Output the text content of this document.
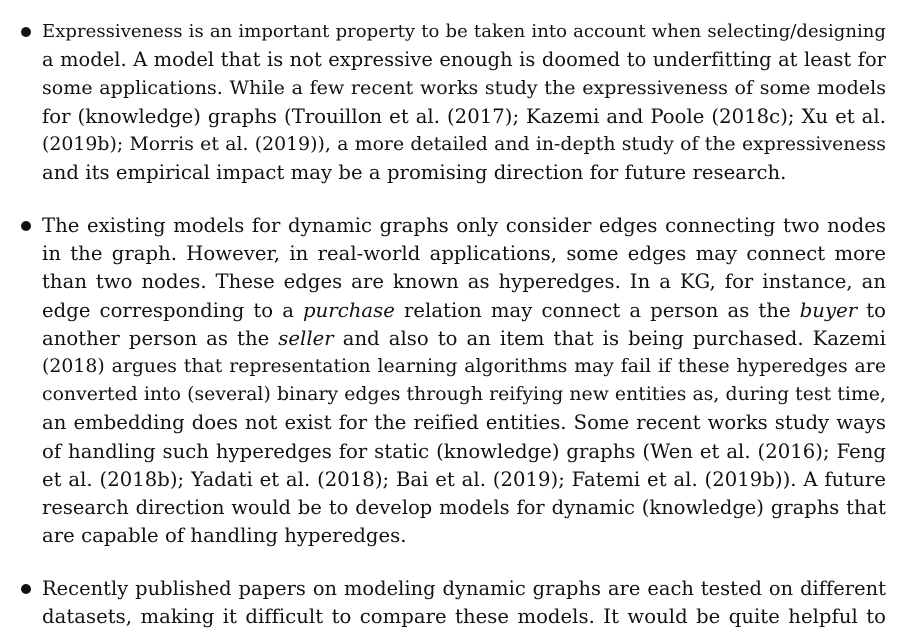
Expressiveness is an important property to be taken into account when selecting/designing
a model. A model that is not expressive enough is doomed to underfitting at least for
some applications. While a few recent works study the expressiveness of some models
for (knowledge) graphs (Trouillon et al. (2017); Kazemi and Poole (2018c); Xu et al.
(2019b); Morris et al. (2019)), a more detailed and in-depth study of the expressiveness
and its empirical impact may be a promising direction for future research.
The existing models for dynamic graphs only consider edges connecting two nodes
in the graph. However, in real-world applications, some edges may connect more
than two nodes. These edges are known as hyperedges. In a KG, for instance, an
edge corresponding to a purchase relation may connect a person as the buyer to
another person as the seller and also to an item that is being purchased. Kazemi
(2018) argues that representation learning algorithms may fail if these hyperedges are
converted into (several) binary edges through reifying new entities as, during test time,
an embedding does not exist for the reified entities. Some recent works study ways
of handling such hyperedges for static (knowledge) graphs (Wen et al. (2016); Feng
et al. (2018b); Yadati et al. (2018); Bai et al. (2019); Fatemi et al. (2019b)). A future
research direction would be to develop models for dynamic (knowledge) graphs that
are capable of handling hyperedges.
Recently published papers on modeling dynamic graphs are each tested on different
datasets, making it difficult to compare these models. It would be quite helpful to
